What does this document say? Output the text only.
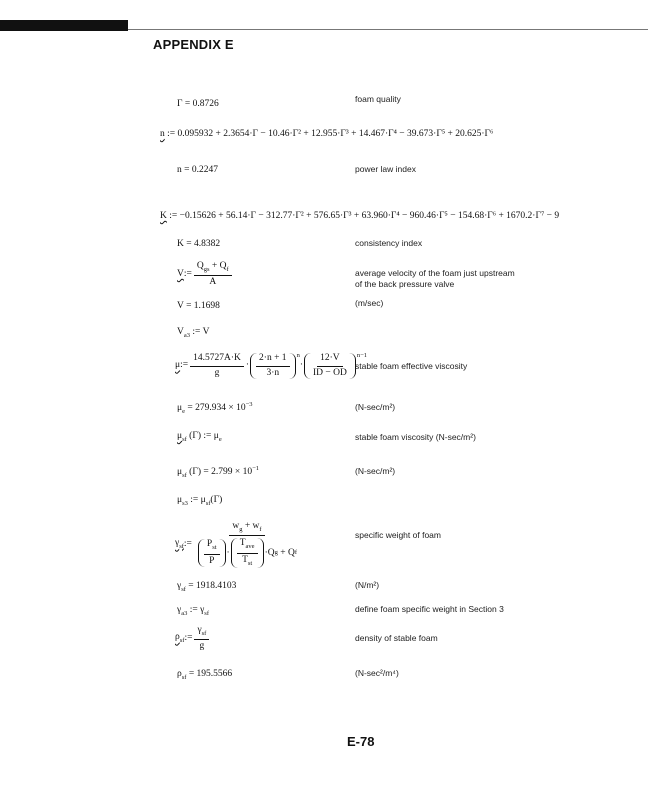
APPENDIX E
Γ = 0.8726	foam quality
n := 0.095932 + 2.3654·Γ − 10.46·Γ² + 12.955·Γ³ + 14.467·Γ⁴ − 39.673·Γ⁵ + 20.625·Γ⁶
n = 0.2247	power law index
K := −0.15626 + 56.14·Γ − 312.77·Γ² + 576.65·Γ³ + 63.960·Γ⁴ − 960.46·Γ⁵ − 154.68·Γ⁶ + 1670.2·Γ⁷ − 9
K = 4.8382	consistency index
V := $\frac{Q_{gs} + Q_f}{A}$	average velocity of the foam just upstream
of the back pressure valve
V = 1.1698	(m/sec)
$V_{a3}$ := V
μ := $\frac{14.5727A\cdot K}{g} \cdot \frac{2\cdot n + 1}{3\cdot n} ^n$
· $\frac{12\cdot V}{ID - OD} ^{n-1}$
stable foam effective viscosity
$\mu_e = 279.934 \times 10^{-3}$	(N-sec/m²)
$\mu_{sf}$ (Γ) := $\mu_e$	stable foam viscosity (N-sec/m²)
$\mu_{sf}$ $(\Gamma) = 2.799 \times 10^{-1}$	(N-sec/m²)
$\mu_{s3}$ := $\mu_{sf}(\Gamma)$
$\gamma_{sf}$ := $w_g + w_f$
$\frac{P_{st}}{P} \cdot \frac{T_{ave}}{T_{st}} \cdot Q$ g
+ Q f	specific weight of foam
$\gamma_{sf} = 1918.4103$	(N/m²)
$\gamma_{a3}$ := $\gamma_{sf}$	define foam specific weight in Section 3
$\rho_{sf}$ := $\frac{\gamma_{sf}}{g}$	density of stable foam
$\rho_{sf} = 195.5566$	(N-sec²/m⁴)
E-78
